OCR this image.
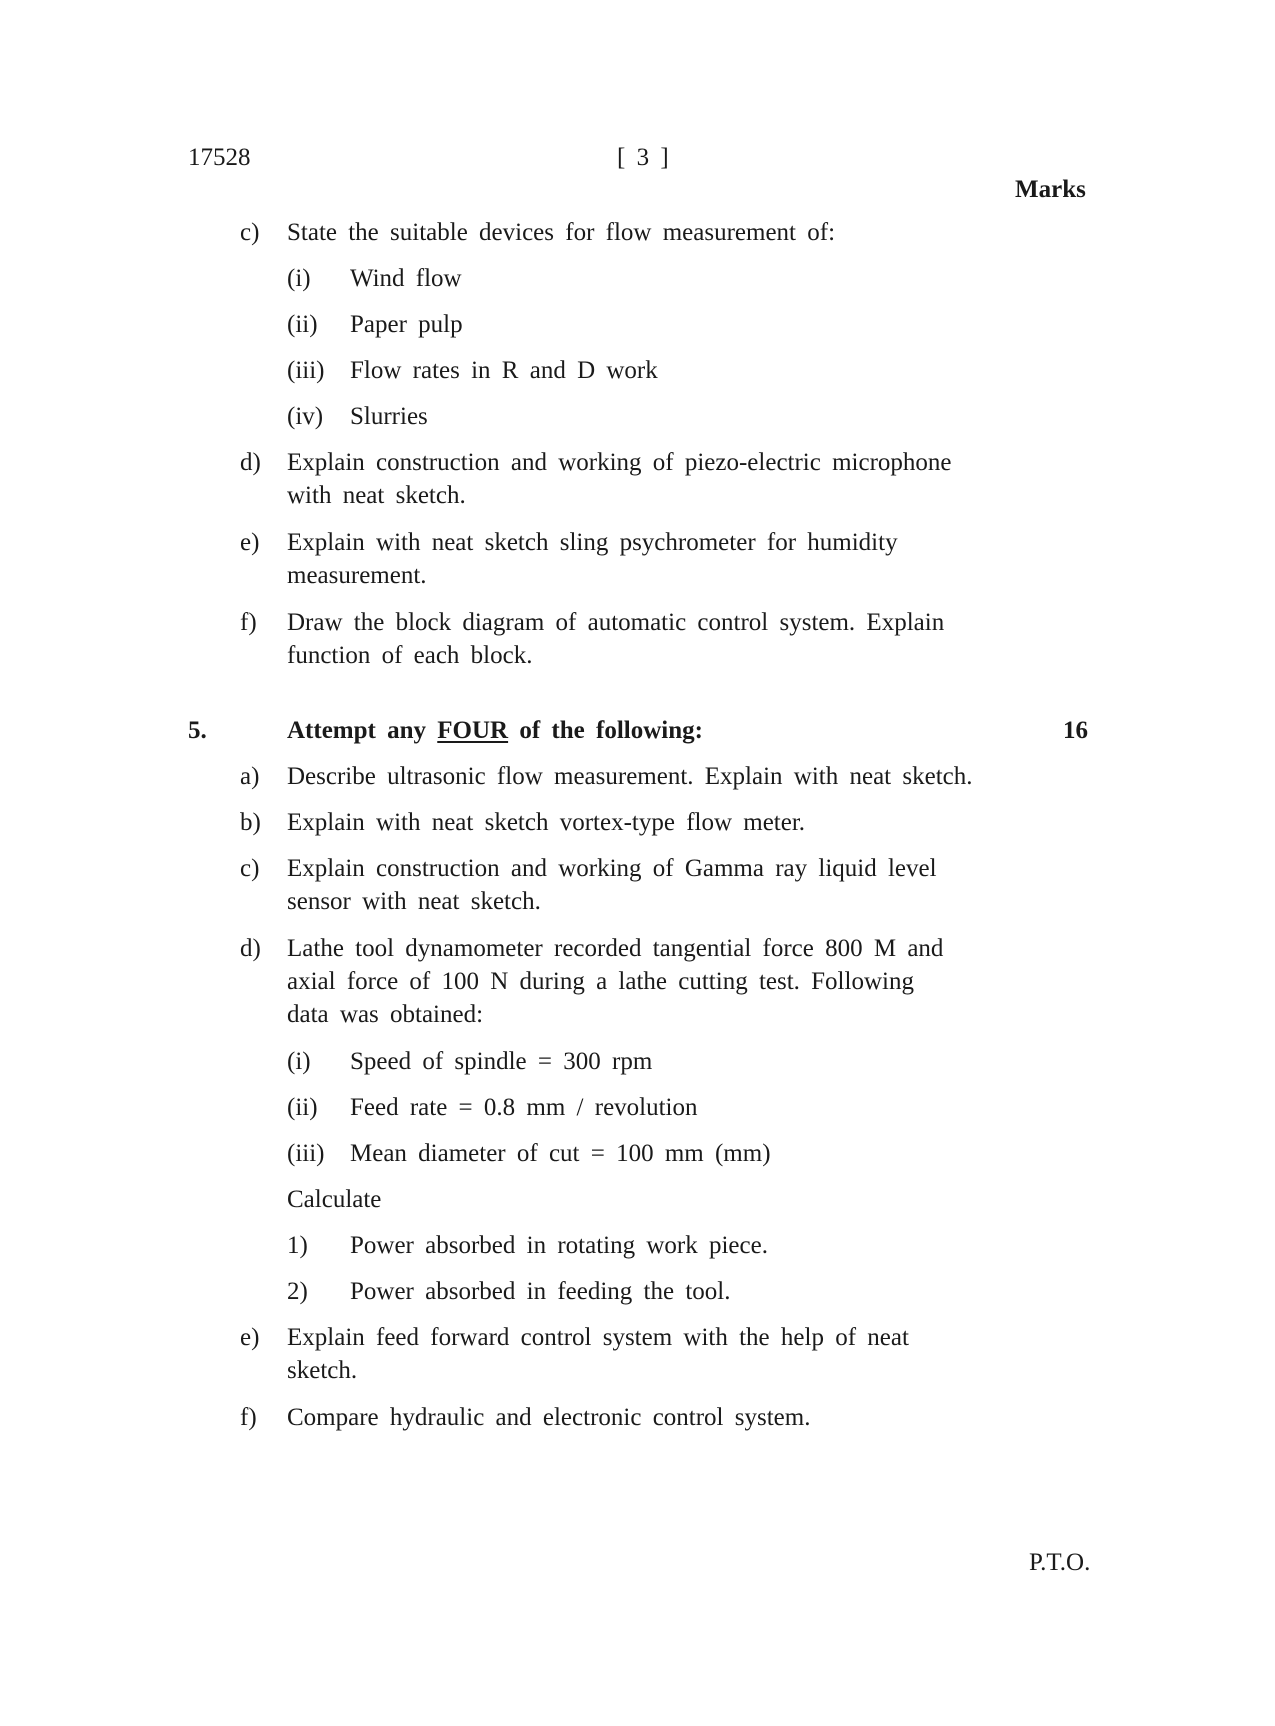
17528	[ 3 ]
Marks
c) State the suitable devices for flow measurement of:
(i) Wind flow
(ii) Paper pulp
(iii) Flow rates in R and D work
(iv) Slurries
d) Explain construction and working of piezo-electric microphone
with neat sketch.
e) Explain with neat sketch sling psychrometer for humidity
measurement.
f) Draw the block diagram of automatic control system. Explain
function of each block.
5.	Attempt any FOUR of the following:	16
a) Describe ultrasonic flow measurement. Explain with neat sketch.
b) Explain with neat sketch vortex-type flow meter.
c) Explain construction and working of Gamma ray liquid level
sensor with neat sketch.
d) Lathe tool dynamometer recorded tangential force 800 M and
axial force of 100 N during a lathe cutting test. Following
data was obtained:
(i) Speed of spindle = 300 rpm
(ii) Feed rate = 0.8 mm / revolution
(iii) Mean diameter of cut = 100 mm (mm)
Calculate
1) Power absorbed in rotating work piece.
2) Power absorbed in feeding the tool.
e) Explain feed forward control system with the help of neat
sketch.
f) Compare hydraulic and electronic control system.
P.T.O.
